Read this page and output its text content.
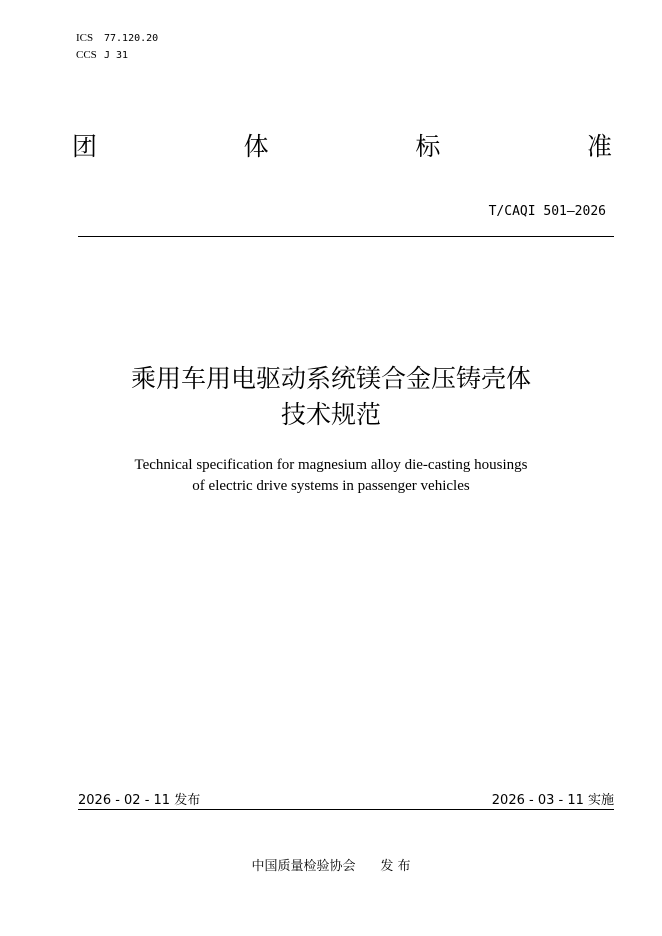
ICS 77.120.20
CCS J 31
团	体	标	准
T/CAQI 501—2026
乘用车用电驱动系统镁合金压铸壳体
技术规范
Technical specification for magnesium alloy die-casting housings
of electric drive systems in passenger vehicles
2026 - 02 - 11 发布	2026 - 03 - 11 实施
中国质量检验协会 发 布
